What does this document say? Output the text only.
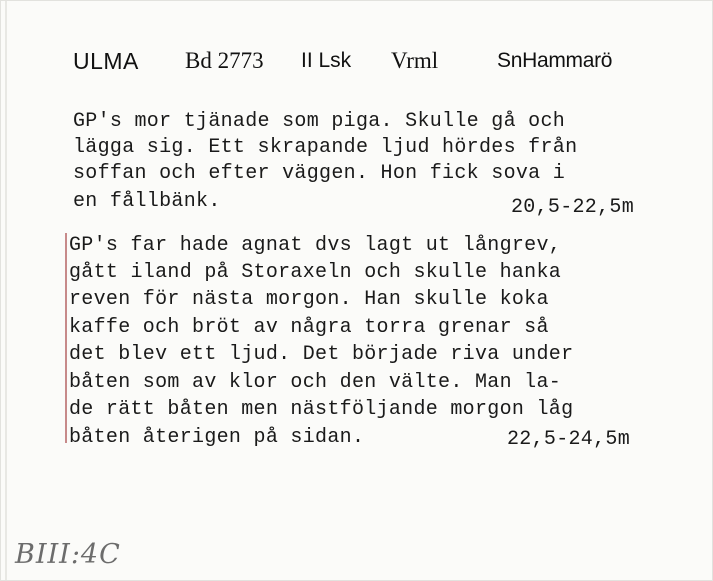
ULMA Bd 2773 II Lsk Vrml	SnHammarö
GP's mor tjänade som piga. Skulle gå och
lägga sig. Ett skrapande ljud hördes från
soffan och efter väggen. Hon fick sova i
en fållbänk.	20,5-22,5m
GP's far hade agnat dvs lagt ut långrev,
gått iland på Storaxeln och skulle hanka
reven för nästa morgon. Han skulle koka
kaffe och bröt av några torra grenar så
det blev ett ljud. Det började riva under
båten som av klor och den välte. Man la-
de rätt båten men nästföljande morgon låg
båten återigen på sidan.	22,5-24,5m
BIII:4C
